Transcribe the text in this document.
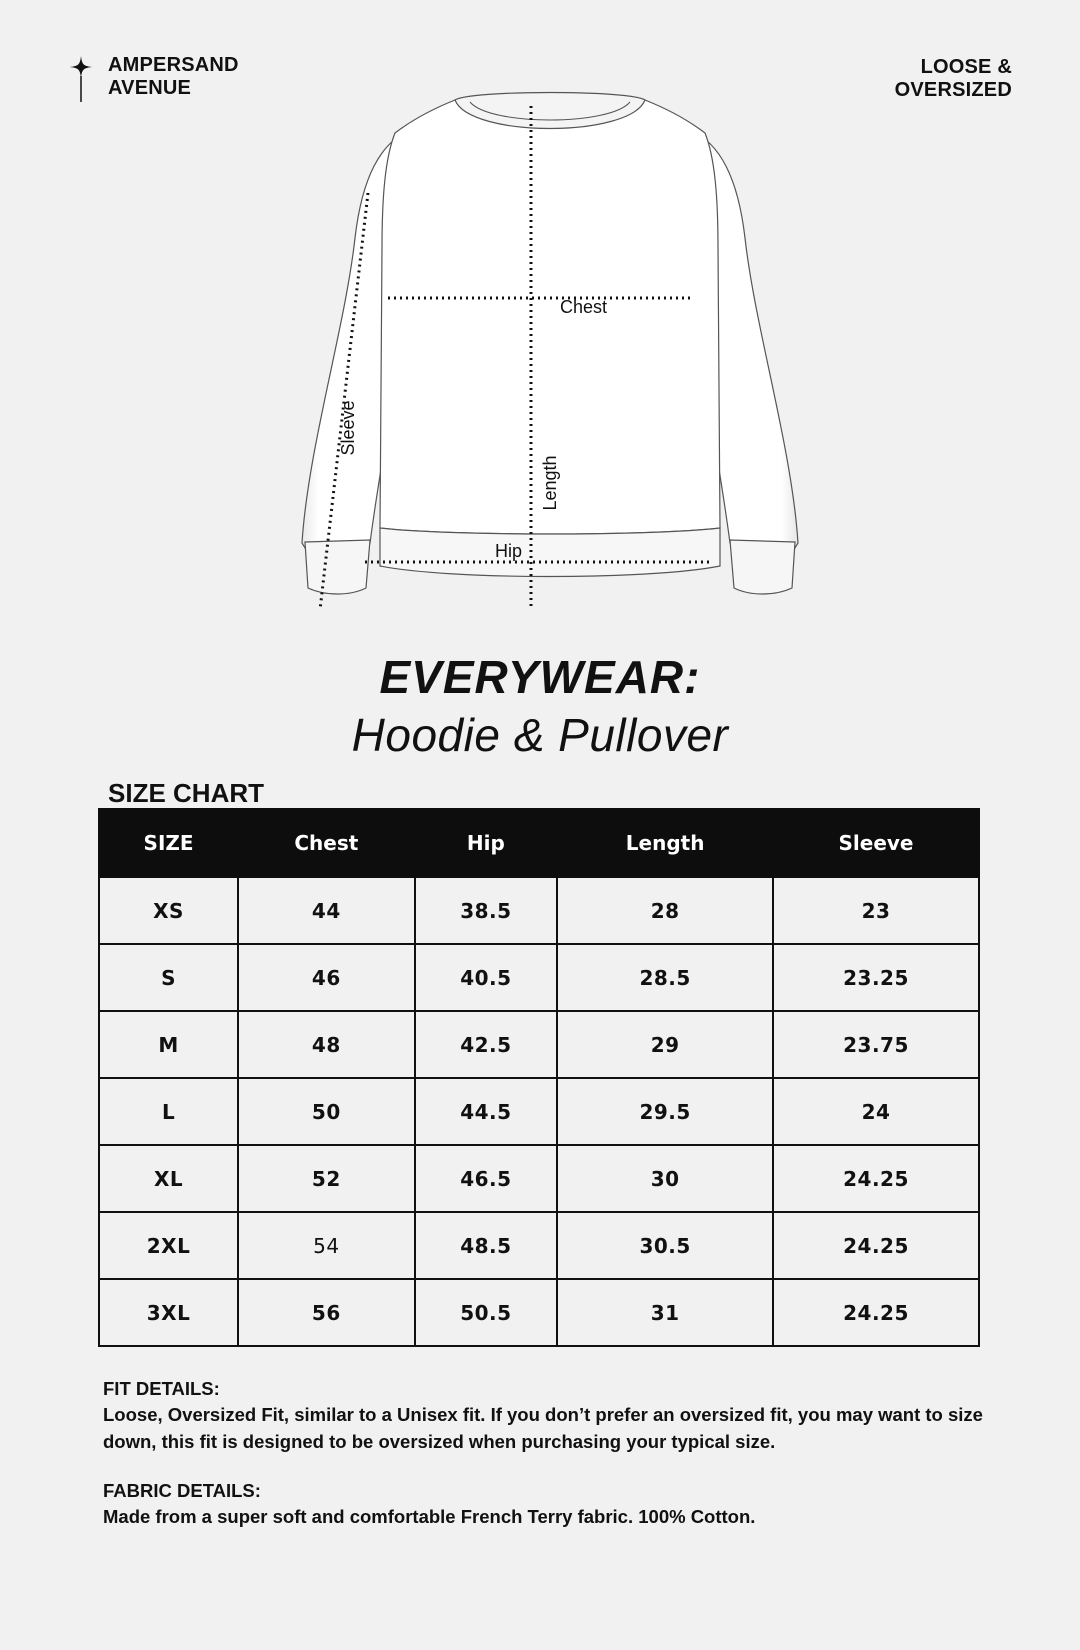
AMPERSAND
AVENUE
LOOSE &
OVERSIZED
Chest
Length
Sleeve
Hip
EVERYWEAR:
Hoodie & Pullover
SIZE CHART
SIZE	Chest	Hip	Length	Sleeve
XS	44	38.5	28	23
S	46	40.5	28.5	23.25
M	48	42.5	29	23.75
L	50	44.5	29.5	24
XL	52	46.5	30	24.25
2XL	54	48.5	30.5	24.25
3XL	56	50.5	31	24.25
FIT DETAILS:
Loose, Oversized Fit, similar to a Unisex fit. If you don’t prefer an oversized fit, you may want to size down, this fit is designed to be oversized when purchasing your typical size.
FABRIC DETAILS:
Made from a super soft and comfortable French Terry fabric. 100% Cotton.
